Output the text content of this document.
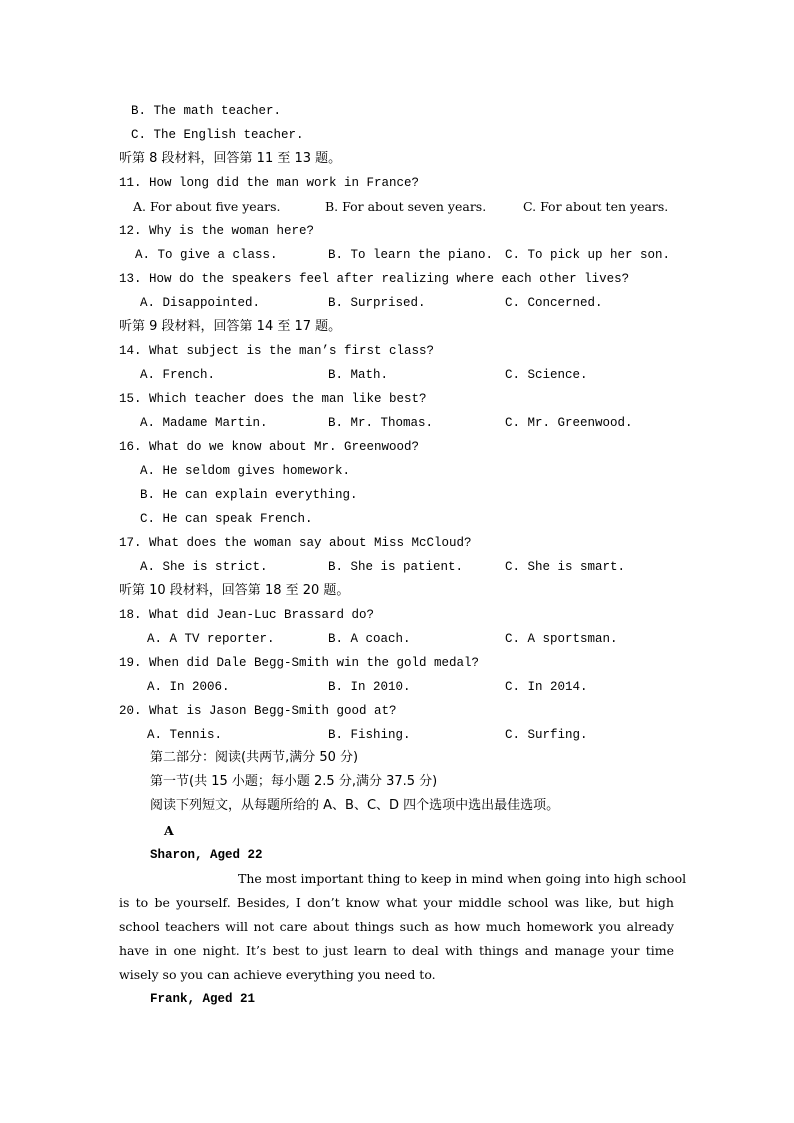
B. The math teacher.
C. The English teacher.
听第 8 段材料，回答第 11 至 13 题。
11. How long did the man work in France?
A. For about five years.	B. For about seven years.	C. For about ten years.
12. Why is the woman here?
A. To give a class.	B. To learn the piano. C. To pick up her son.
13. How do the speakers feel after realizing where each other lives?
A. Disappointed.	B. Surprised.	C. Concerned.
听第 9 段材料，回答第 14 至 17 题。
14. What subject is the man’s first class?
A. French.	B. Math.	C. Science.
15. Which teacher does the man like best?
A. Madame Martin.	B. Mr. Thomas.	C. Mr. Greenwood.
16. What do we know about Mr. Greenwood?
A. He seldom gives homework.
B. He can explain everything.
C. He can speak French.
17. What does the woman say about Miss McCloud?
A. She is strict.	B. She is patient.	C. She is smart.
听第 10 段材料，回答第 18 至 20 题。
18. What did Jean-Luc Brassard do?
A. A TV reporter.	B. A coach.	C. A sportsman.
19. When did Dale Begg-Smith win the gold medal?
A. In 2006.	B. In 2010.	C. In 2014.
20. What is Jason Begg-Smith good at?
A. Tennis.	B. Fishing.	C. Surfing.
第二部分：阅读(共两节,满分 50 分)
第一节(共 15 小题；每小题 2.5 分,满分 37.5 分)
阅读下列短文，从每题所给的 A、B、C、D 四个选项中选出最佳选项。
A
Sharon, Aged 22
The most important thing to keep in mind when going into high school
is to be yourself. Besides, I don’t know what your middle school was like, but high
school teachers will not care about things such as how much homework you already
have in one night. It’s best to just learn to deal with things and manage your time
wisely so you can achieve everything you need to.
Frank, Aged 21
